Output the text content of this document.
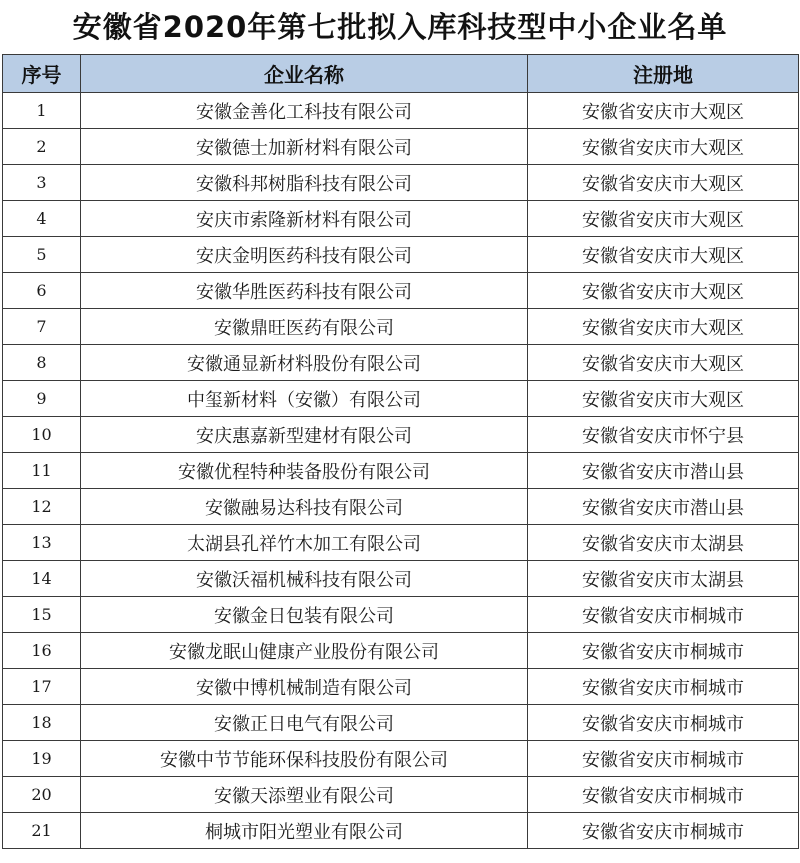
安徽省2020年第七批拟入库科技型中小企业名单
序号	企业名称	注册地
1	安徽金善化工科技有限公司	安徽省安庆市大观区
2	安徽德士加新材料有限公司	安徽省安庆市大观区
3	安徽科邦树脂科技有限公司	安徽省安庆市大观区
4	安庆市索隆新材料有限公司	安徽省安庆市大观区
5	安庆金明医药科技有限公司	安徽省安庆市大观区
6	安徽华胜医药科技有限公司	安徽省安庆市大观区
7	安徽鼎旺医药有限公司	安徽省安庆市大观区
8	安徽通显新材料股份有限公司	安徽省安庆市大观区
9	中玺新材料（安徽）有限公司	安徽省安庆市大观区
10	安庆惠嘉新型建材有限公司	安徽省安庆市怀宁县
11	安徽优程特种装备股份有限公司	安徽省安庆市潜山县
12	安徽融易达科技有限公司	安徽省安庆市潜山县
13	太湖县孔祥竹木加工有限公司	安徽省安庆市太湖县
14	安徽沃福机械科技有限公司	安徽省安庆市太湖县
15	安徽金日包装有限公司	安徽省安庆市桐城市
16	安徽龙眠山健康产业股份有限公司	安徽省安庆市桐城市
17	安徽中博机械制造有限公司	安徽省安庆市桐城市
18	安徽正日电气有限公司	安徽省安庆市桐城市
19	安徽中节节能环保科技股份有限公司	安徽省安庆市桐城市
20	安徽天添塑业有限公司	安徽省安庆市桐城市
21	桐城市阳光塑业有限公司	安徽省安庆市桐城市
